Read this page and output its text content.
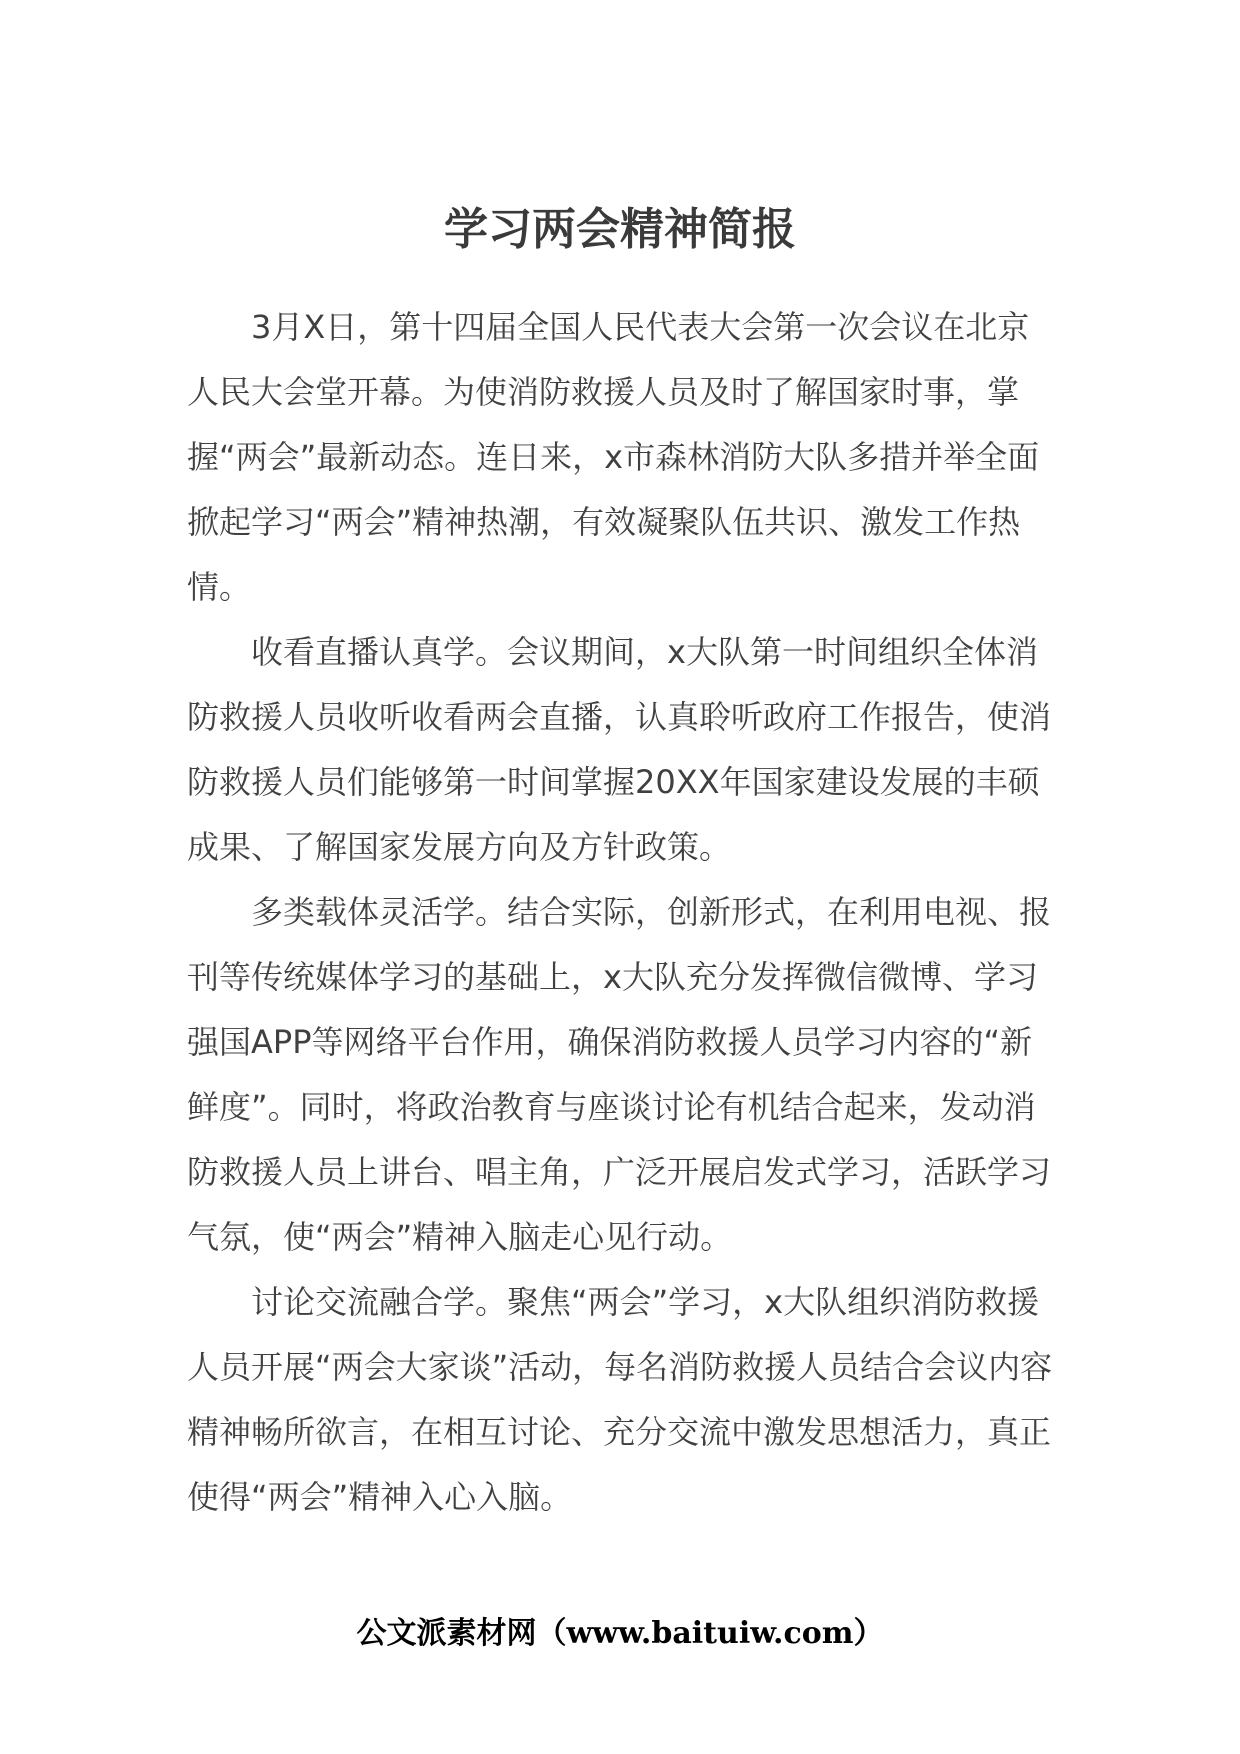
学习两会精神简报

3月X日，第十四届全国人民代表大会第一次会议在北京人民大会堂开幕。为使消防救援人员及时了解国家时事，掌握“两会”最新动态。连日来，x市森林消防大队多措并举全面掀起学习“两会”精神热潮，有效凝聚队伍共识、激发工作热情。

收看直播认真学。会议期间，x大队第一时间组织全体消防救援人员收听收看两会直播，认真聆听政府工作报告，使消防救援人员们能够第一时间掌握20XX年国家建设发展的丰硕成果、了解国家发展方向及方针政策。

多类载体灵活学。结合实际，创新形式，在利用电视、报刊等传统媒体学习的基础上，x大队充分发挥微信微博、学习强国APP等网络平台作用，确保消防救援人员学习内容的“新鲜度”。同时，将政治教育与座谈讨论有机结合起来，发动消防救援人员上讲台、唱主角，广泛开展启发式学习，活跃学习气氛，使“两会”精神入脑走心见行动。

讨论交流融合学。聚焦“两会”学习，x大队组织消防救援人员开展“两会大家谈”活动，每名消防救援人员结合会议内容精神畅所欲言，在相互讨论、充分交流中激发思想活力，真正使得“两会”精神入心入脑。

公文派素材网（www.baituiw.com）
